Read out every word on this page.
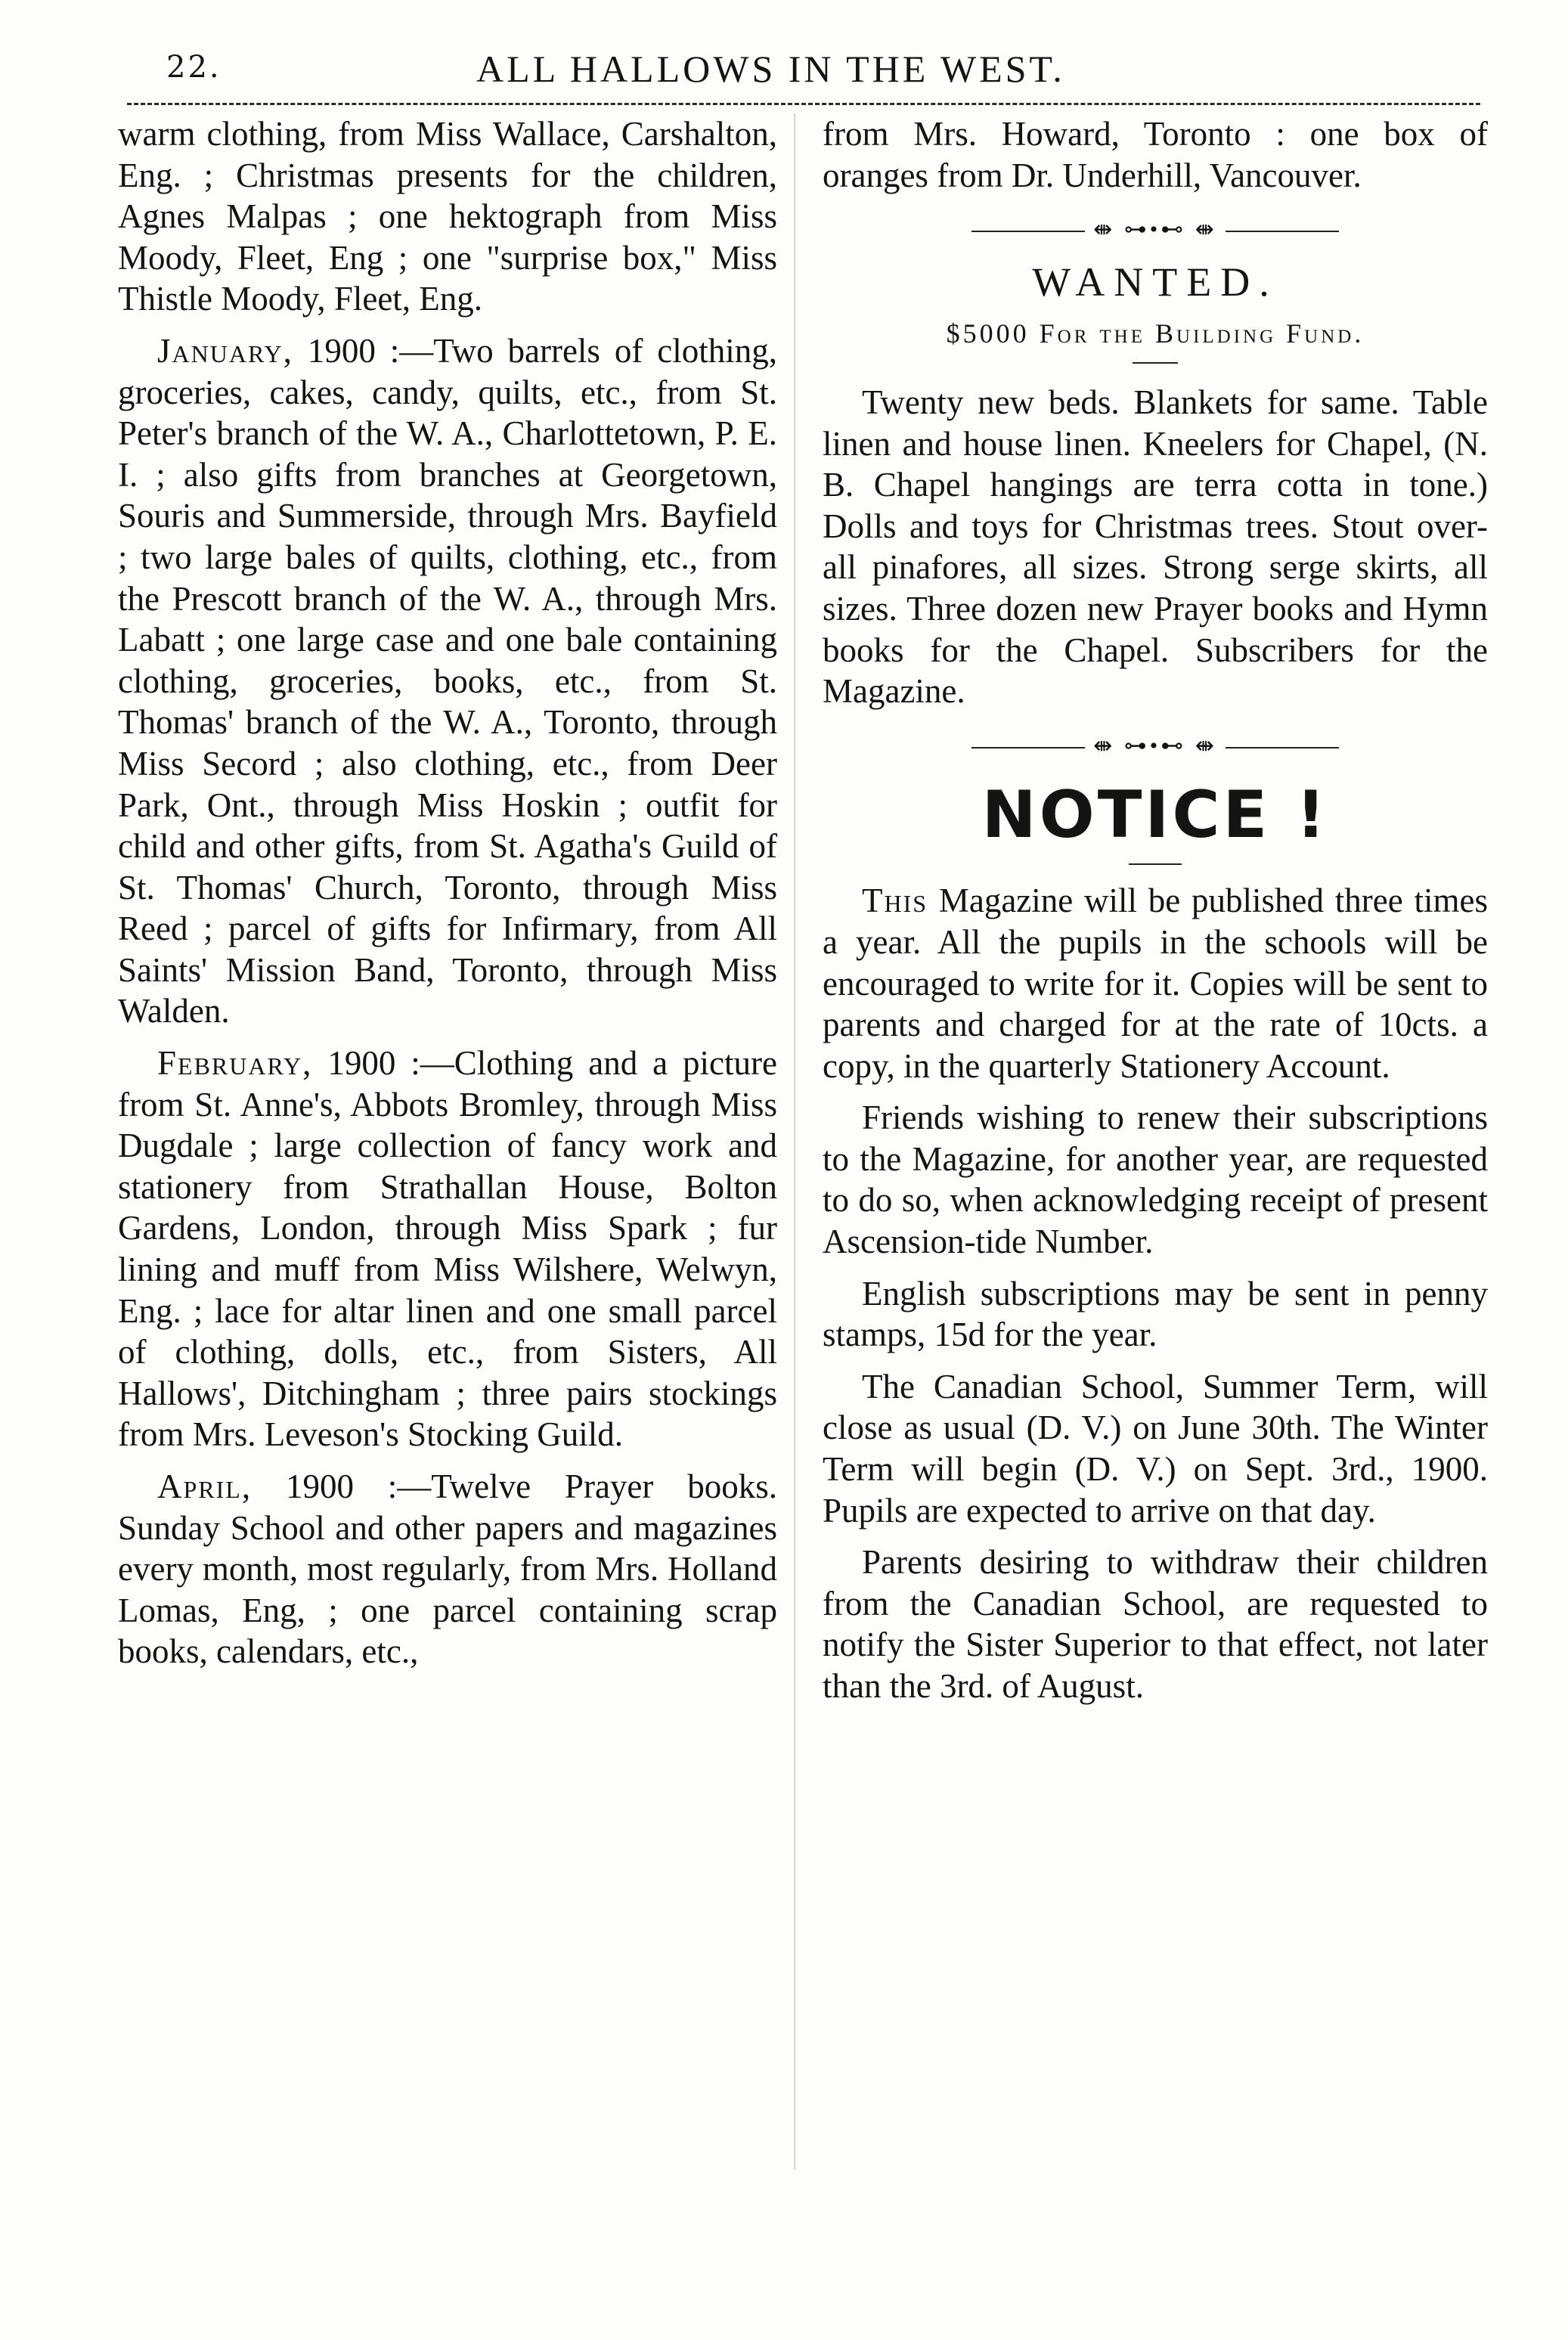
22.	ALL HALLOWS IN THE WEST.

warm clothing, from Miss Wallace, Carshalton, Eng. ; Christmas presents for the children, Agnes Malpas ; one hektograph from Miss Moody, Fleet, Eng ; one "surprise box," Miss Thistle Moody, Fleet, Eng.

January, 1900 :—Two barrels of clothing, groceries, cakes, candy, quilts, etc., from St. Peter's branch of the W. A., Charlottetown, P. E. I. ; also gifts from branches at Georgetown, Souris and Summerside, through Mrs. Bayfield ; two large bales of quilts, clothing, etc., from the Prescott branch of the W. A., through Mrs. Labatt ; one large case and one bale containing clothing, groceries, books, etc., from St. Thomas' branch of the W. A., Toronto, through Miss Secord ; also clothing, etc., from Deer Park, Ont., through Miss Hoskin ; outfit for child and other gifts, from St. Agatha's Guild of St. Thomas' Church, Toronto, through Miss Reed ; parcel of gifts for Infirmary, from All Saints' Mission Band, Toronto, through Miss Walden.

February, 1900 :—Clothing and a picture from St. Anne's, Abbots Bromley, through Miss Dugdale ; large collection of fancy work and stationery from Strathallan House, Bolton Gardens, London, through Miss Spark ; fur lining and muff from Miss Wilshere, Welwyn, Eng. ; lace for altar linen and one small parcel of clothing, dolls, etc., from Sisters, All Hallows', Ditchingham ; three pairs stockings from Mrs. Leveson's Stocking Guild.

April, 1900 :—Twelve Prayer books. Sunday School and other papers and magazines every month, most regularly, from Mrs. Holland Lomas, Eng, ; one parcel containing scrap books, calendars, etc.,

from Mrs. Howard, Toronto : one box of oranges from Dr. Underhill, Vancouver.

⇼ ⊶•⊷ ⇼
WANTED.
$5000 For the Building Fund.

Twenty new beds. Blankets for same. Table linen and house linen. Kneelers for Chapel, (N. B. Chapel hangings are terra cotta in tone.) Dolls and toys for Christmas trees. Stout over-all pinafores, all sizes. Strong serge skirts, all sizes. Three dozen new Prayer books and Hymn books for the Chapel. Subscribers for the Magazine.

⇼ ⊶•⊷ ⇼
NOTICE !

This Magazine will be published three times a year. All the pupils in the schools will be encouraged to write for it. Copies will be sent to parents and charged for at the rate of 10cts. a copy, in the quarterly Stationery Account.

Friends wishing to renew their subscriptions to the Magazine, for another year, are requested to do so, when acknowledging receipt of present Ascension-tide Number.

English subscriptions may be sent in penny stamps, 15d for the year.

The Canadian School, Summer Term, will close as usual (D. V.) on June 30th. The Winter Term will begin (D. V.) on Sept. 3rd., 1900. Pupils are expected to arrive on that day.

Parents desiring to withdraw their children from the Canadian School, are requested to notify the Sister Superior to that effect, not later than the 3rd. of August.
